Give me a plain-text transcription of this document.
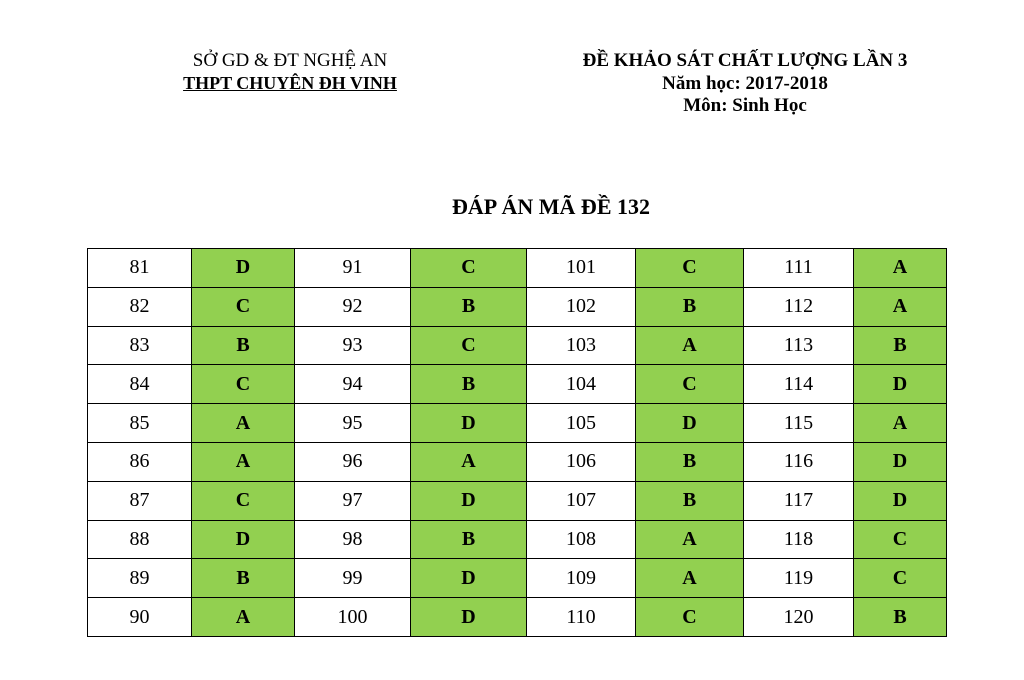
SỞ GD & ĐT NGHỆ AN
THPT CHUYÊN ĐH VINH
ĐỀ KHẢO SÁT CHẤT LƯỢNG LẦN 3
Năm học: 2017-2018
Môn: Sinh Học
ĐÁP ÁN MÃ ĐỀ 132
81	D	91	C	101	C	111	A
82	C	92	B	102	B	112	A
83	B	93	C	103	A	113	B
84	C	94	B	104	C	114	D
85	A	95	D	105	D	115	A
86	A	96	A	106	B	116	D
87	C	97	D	107	B	117	D
88	D	98	B	108	A	118	C
89	B	99	D	109	A	119	C
90	A	100	D	110	C	120	B
